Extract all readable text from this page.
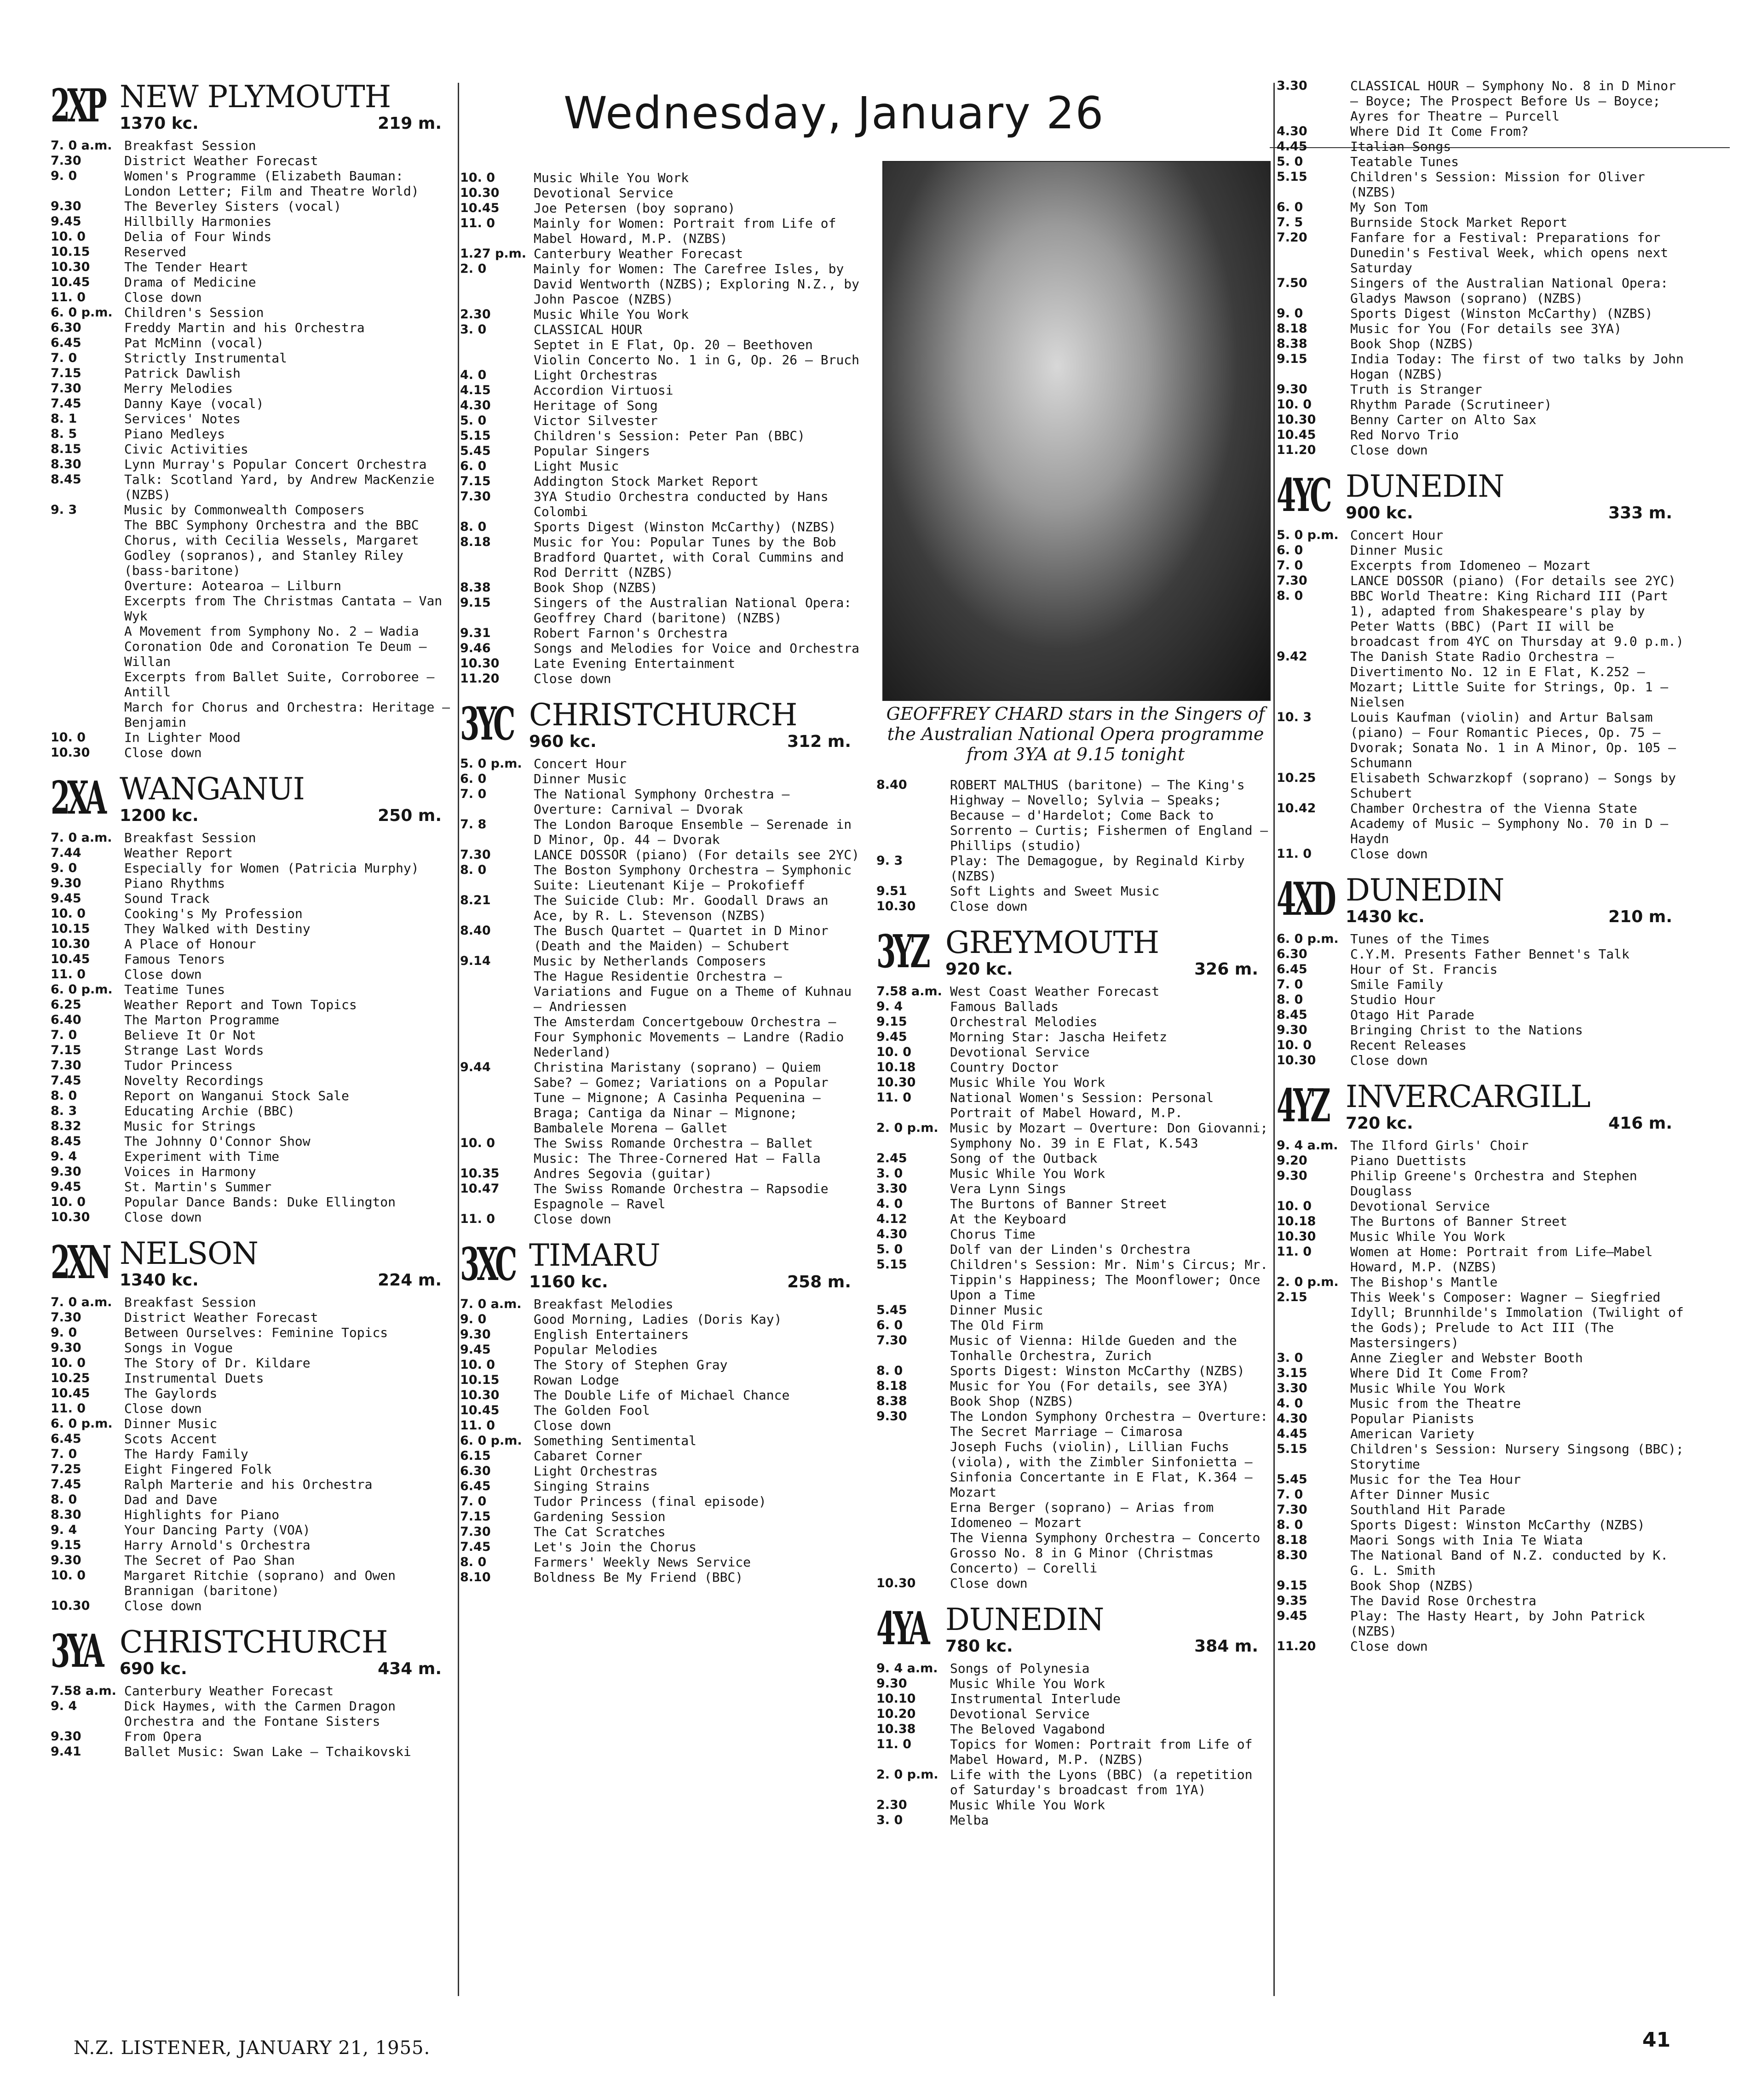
Wednesday, January 26
GEOFFREY CHARD stars in the Singers of the Australian National Opera programme from 3YA at 9.15 tonight
2XP NEW PLYMOUTH
1370 kc.	219 m.
7. 0 a.m. Breakfast Session
7.30	District Weather Forecast
9. 0	Women's Programme (Elizabeth Bauman: London Letter; Film and Theatre World)
9.30	The Beverley Sisters (vocal)
9.45	Hillbilly Harmonies
10. 0	Delia of Four Winds
10.15	Reserved
10.30	The Tender Heart
10.45	Drama of Medicine
11. 0	Close down
6. 0 p.m. Children's Session
6.30	Freddy Martin and his Orchestra
6.45	Pat McMinn (vocal)
7. 0	Strictly Instrumental
7.15	Patrick Dawlish
7.30	Merry Melodies
7.45	Danny Kaye (vocal)
8. 1	Services' Notes
8. 5	Piano Medleys
8.15	Civic Activities
8.30	Lynn Murray's Popular Concert Orchestra
8.45	Talk: Scotland Yard, by Andrew MacKenzie (NZBS)
9. 3	Music by Commonwealth Composers
The BBC Symphony Orchestra and the BBC Chorus, with Cecilia Wessels, Margaret Godley (sopranos), and Stanley Riley (bass-baritone)
Overture: Aotearoa — Lilburn
Excerpts from The Christmas Cantata — Van Wyk
A Movement from Symphony No. 2 — Wadia
Coronation Ode and Coronation Te Deum — Willan
Excerpts from Ballet Suite, Corroboree — Antill
March for Chorus and Orchestra: Heritage — Benjamin
10. 0	In Lighter Mood
10.30	Close down
2XA WANGANUI
1200 kc.	250 m.
7. 0 a.m. Breakfast Session
7.44	Weather Report
9. 0	Especially for Women (Patricia Murphy)
9.30	Piano Rhythms
9.45	Sound Track
10. 0	Cooking's My Profession
10.15	They Walked with Destiny
10.30	A Place of Honour
10.45	Famous Tenors
11. 0	Close down
6. 0 p.m. Teatime Tunes
6.25	Weather Report and Town Topics
6.40	The Marton Programme
7. 0	Believe It Or Not
7.15	Strange Last Words
7.30	Tudor Princess
7.45	Novelty Recordings
8. 0	Report on Wanganui Stock Sale
8. 3	Educating Archie (BBC)
8.32	Music for Strings
8.45	The Johnny O'Connor Show
9. 4	Experiment with Time
9.30	Voices in Harmony
9.45	St. Martin's Summer
10. 0	Popular Dance Bands: Duke Ellington
10.30	Close down
2XN NELSON
1340 kc.	224 m.
7. 0 a.m. Breakfast Session
7.30	District Weather Forecast
9. 0	Between Ourselves: Feminine Topics
9.30	Songs in Vogue
10. 0	The Story of Dr. Kildare
10.25	Instrumental Duets
10.45	The Gaylords
11. 0	Close down
6. 0 p.m. Dinner Music
6.45	Scots Accent
7. 0	The Hardy Family
7.25	Eight Fingered Folk
7.45	Ralph Marterie and his Orchestra
8. 0	Dad and Dave
8.30	Highlights for Piano
9. 4	Your Dancing Party (VOA)
9.15	Harry Arnold's Orchestra
9.30	The Secret of Pao Shan
10. 0	Margaret Ritchie (soprano) and Owen Brannigan (baritone)
10.30	Close down
3YA CHRISTCHURCH
690 kc.	434 m.
7.58 a.m. Canterbury Weather Forecast
9. 4	Dick Haymes, with the Carmen Dragon Orchestra and the Fontane Sisters
9.30	From Opera
9.41	Ballet Music: Swan Lake — Tchaikovski
10. 0	Music While You Work
10.30	Devotional Service
10.45	Joe Petersen (boy soprano)
11. 0	Mainly for Women: Portrait from Life of Mabel Howard, M.P. (NZBS)
1.27 p.m. Canterbury Weather Forecast
2. 0	Mainly for Women: The Carefree Isles, by David Wentworth (NZBS); Exploring N.Z., by John Pascoe (NZBS)
2.30	Music While You Work
3. 0	CLASSICAL HOUR
Septet in E Flat, Op. 20 — Beethoven
Violin Concerto No. 1 in G, Op. 26 — Bruch
4. 0	Light Orchestras
4.15	Accordion Virtuosi
4.30	Heritage of Song
5. 0	Victor Silvester
5.15	Children's Session: Peter Pan (BBC)
5.45	Popular Singers
6. 0	Light Music
7.15	Addington Stock Market Report
7.30	3YA Studio Orchestra conducted by Hans Colombi
8. 0	Sports Digest (Winston McCarthy) (NZBS)
8.18	Music for You: Popular Tunes by the Bob Bradford Quartet, with Coral Cummins and Rod Derritt (NZBS)
8.38	Book Shop (NZBS)
9.15	Singers of the Australian National Opera: Geoffrey Chard (baritone) (NZBS)
9.31	Robert Farnon's Orchestra
9.46	Songs and Melodies for Voice and Orchestra
10.30	Late Evening Entertainment
11.20	Close down
3YC CHRISTCHURCH
960 kc.	312 m.
5. 0 p.m. Concert Hour
6. 0	Dinner Music
7. 0	The National Symphony Orchestra — Overture: Carnival — Dvorak
7. 8	The London Baroque Ensemble — Serenade in D Minor, Op. 44 — Dvorak
7.30	LANCE DOSSOR (piano) (For details see 2YC)
8. 0	The Boston Symphony Orchestra — Symphonic Suite: Lieutenant Kije — Prokofieff
8.21	The Suicide Club: Mr. Goodall Draws an Ace, by R. L. Stevenson (NZBS)
8.40	The Busch Quartet — Quartet in D Minor (Death and the Maiden) — Schubert
9.14	Music by Netherlands Composers
The Hague Residentie Orchestra — Variations and Fugue on a Theme of Kuhnau — Andriessen
The Amsterdam Concertgebouw Orchestra — Four Symphonic Movements — Landre (Radio Nederland)
9.44	Christina Maristany (soprano) — Quiem Sabe? — Gomez; Variations on a Popular Tune — Mignone; A Casinha Pequenina — Braga; Cantiga da Ninar — Mignone; Bambalele Morena — Gallet
10. 0	The Swiss Romande Orchestra — Ballet Music: The Three-Cornered Hat — Falla
10.35	Andres Segovia (guitar)
10.47	The Swiss Romande Orchestra — Rapsodie Espagnole — Ravel
11. 0	Close down
3XC TIMARU
1160 kc.	258 m.
7. 0 a.m. Breakfast Melodies
9. 0	Good Morning, Ladies (Doris Kay)
9.30	English Entertainers
9.45	Popular Melodies
10. 0	The Story of Stephen Gray
10.15	Rowan Lodge
10.30	The Double Life of Michael Chance
10.45	The Golden Fool
11. 0	Close down
6. 0 p.m. Something Sentimental
6.15	Cabaret Corner
6.30	Light Orchestras
6.45	Singing Strains
7. 0	Tudor Princess (final episode)
7.15	Gardening Session
7.30	The Cat Scratches
7.45	Let's Join the Chorus
8. 0	Farmers' Weekly News Service
8.10	Boldness Be My Friend (BBC)
8.40	ROBERT MALTHUS (baritone) — The King's Highway — Novello; Sylvia — Speaks; Because — d'Hardelot; Come Back to Sorrento — Curtis; Fishermen of England — Phillips (studio)
9. 3	Play: The Demagogue, by Reginald Kirby (NZBS)
9.51	Soft Lights and Sweet Music
10.30	Close down
3YZ GREYMOUTH
920 kc.	326 m.
7.58 a.m. West Coast Weather Forecast
9. 4	Famous Ballads
9.15	Orchestral Melodies
9.45	Morning Star: Jascha Heifetz
10. 0	Devotional Service
10.18	Country Doctor
10.30	Music While You Work
11. 0	National Women's Session: Personal Portrait of Mabel Howard, M.P.
2. 0 p.m. Music by Mozart — Overture: Don Giovanni; Symphony No. 39 in E Flat, K.543
2.45	Song of the Outback
3. 0	Music While You Work
3.30	Vera Lynn Sings
4. 0	The Burtons of Banner Street
4.12	At the Keyboard
4.30	Chorus Time
5. 0	Dolf van der Linden's Orchestra
5.15	Children's Session: Mr. Nim's Circus; Mr. Tippin's Happiness; The Moonflower; Once Upon a Time
5.45	Dinner Music
6. 0	The Old Firm
7.30	Music of Vienna: Hilde Gueden and the Tonhalle Orchestra, Zurich
8. 0	Sports Digest: Winston McCarthy (NZBS)
8.18	Music for You (For details, see 3YA)
8.38	Book Shop (NZBS)
9.30	The London Symphony Orchestra — Overture: The Secret Marriage — Cimarosa
Joseph Fuchs (violin), Lillian Fuchs (viola), with the Zimbler Sinfonietta — Sinfonia Concertante in E Flat, K.364 — Mozart
Erna Berger (soprano) — Arias from Idomeneo — Mozart
The Vienna Symphony Orchestra — Concerto Grosso No. 8 in G Minor (Christmas Concerto) — Corelli
10.30	Close down
4YA DUNEDIN
780 kc.	384 m.
9. 4 a.m. Songs of Polynesia
9.30	Music While You Work
10.10	Instrumental Interlude
10.20	Devotional Service
10.38	The Beloved Vagabond
11. 0	Topics for Women: Portrait from Life of Mabel Howard, M.P. (NZBS)
2. 0 p.m. Life with the Lyons (BBC) (a repetition of Saturday's broadcast from 1YA)
2.30	Music While You Work
3. 0	Melba
3.30	CLASSICAL HOUR — Symphony No. 8 in D Minor — Boyce; The Prospect Before Us — Boyce; Ayres for Theatre — Purcell
4.30	Where Did It Come From?
4.45	Italian Songs
5. 0	Teatable Tunes
5.15	Children's Session: Mission for Oliver (NZBS)
6. 0	My Son Tom
7. 5	Burnside Stock Market Report
7.20	Fanfare for a Festival: Preparations for Dunedin's Festival Week, which opens next Saturday
7.50	Singers of the Australian National Opera: Gladys Mawson (soprano) (NZBS)
9. 0	Sports Digest (Winston McCarthy) (NZBS)
8.18	Music for You (For details see 3YA)
8.38	Book Shop (NZBS)
9.15	India Today: The first of two talks by John Hogan (NZBS)
9.30	Truth is Stranger
10. 0	Rhythm Parade (Scrutineer)
10.30	Benny Carter on Alto Sax
10.45	Red Norvo Trio
11.20	Close down
4YC DUNEDIN
900 kc.	333 m.
5. 0 p.m. Concert Hour
6. 0	Dinner Music
7. 0	Excerpts from Idomeneo — Mozart
7.30	LANCE DOSSOR (piano) (For details see 2YC)
8. 0	BBC World Theatre: King Richard III (Part 1), adapted from Shakespeare's play by Peter Watts (BBC) (Part II will be broadcast from 4YC on Thursday at 9.0 p.m.)
9.42	The Danish State Radio Orchestra — Divertimento No. 12 in E Flat, K.252 — Mozart; Little Suite for Strings, Op. 1 — Nielsen
10. 3	Louis Kaufman (violin) and Artur Balsam (piano) — Four Romantic Pieces, Op. 75 — Dvorak; Sonata No. 1 in A Minor, Op. 105 — Schumann
10.25	Elisabeth Schwarzkopf (soprano) — Songs by Schubert
10.42	Chamber Orchestra of the Vienna State Academy of Music — Symphony No. 70 in D — Haydn
11. 0	Close down
4XD DUNEDIN
1430 kc.	210 m.
6. 0 p.m. Tunes of the Times
6.30	C.Y.M. Presents Father Bennet's Talk
6.45	Hour of St. Francis
7. 0	Smile Family
8. 0	Studio Hour
8.45	Otago Hit Parade
9.30	Bringing Christ to the Nations
10. 0	Recent Releases
10.30	Close down
4YZ INVERCARGILL
720 kc.	416 m.
9. 4 a.m. The Ilford Girls' Choir
9.20	Piano Duettists
9.30	Philip Greene's Orchestra and Stephen Douglass
10. 0	Devotional Service
10.18	The Burtons of Banner Street
10.30	Music While You Work
11. 0	Women at Home: Portrait from Life—Mabel Howard, M.P. (NZBS)
2. 0 p.m. The Bishop's Mantle
2.15	This Week's Composer: Wagner — Siegfried Idyll; Brunnhilde's Immolation (Twilight of the Gods); Prelude to Act III (The Mastersingers)
3. 0	Anne Ziegler and Webster Booth
3.15	Where Did It Come From?
3.30	Music While You Work
4. 0	Music from the Theatre
4.30	Popular Pianists
4.45	American Variety
5.15	Children's Session: Nursery Singsong (BBC); Storytime
5.45	Music for the Tea Hour
7. 0	After Dinner Music
7.30	Southland Hit Parade
8. 0	Sports Digest: Winston McCarthy (NZBS)
8.18	Maori Songs with Inia Te Wiata
8.30	The National Band of N.Z. conducted by K. G. L. Smith
9.15	Book Shop (NZBS)
9.35	The David Rose Orchestra
9.45	Play: The Hasty Heart, by John Patrick (NZBS)
11.20	Close down
N.Z. LISTENER, JANUARY 21, 1955.	41
